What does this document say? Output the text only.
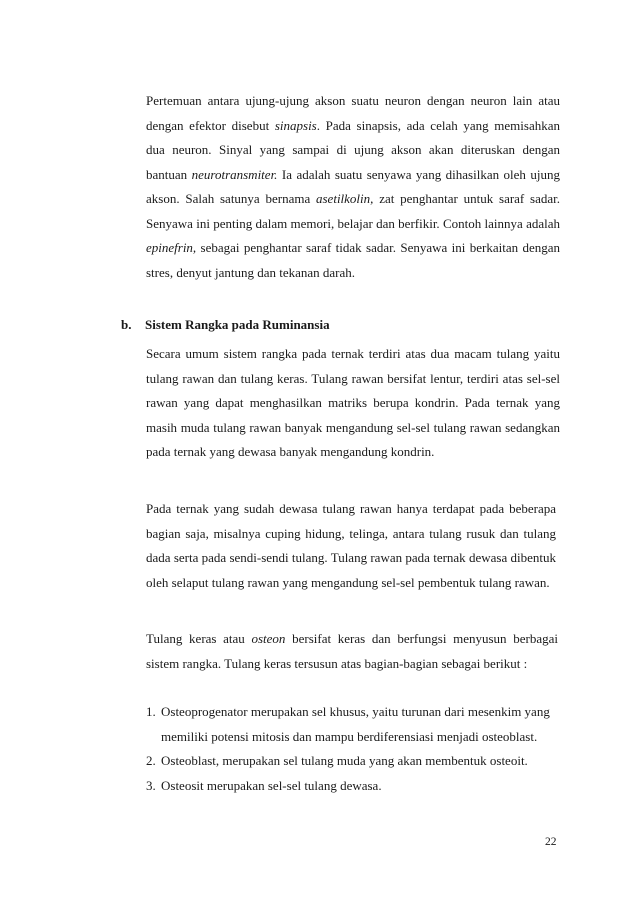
Pertemuan antara ujung-ujung akson suatu neuron dengan neuron lain atau dengan efektor disebut sinapsis. Pada sinapsis, ada celah yang memisahkan dua neuron. Sinyal yang sampai di ujung akson akan diteruskan dengan bantuan neurotransmiter. Ia adalah suatu senyawa yang dihasilkan oleh ujung akson. Salah satunya bernama asetilkolin, zat penghantar untuk saraf sadar. Senyawa ini penting dalam memori, belajar dan berfikir. Contoh lainnya adalah epinefrin, sebagai penghantar saraf tidak sadar. Senyawa ini berkaitan dengan stres, denyut jantung dan tekanan darah.

b. Sistem Rangka pada Ruminansia

Secara umum sistem rangka pada ternak terdiri atas dua macam tulang yaitu tulang rawan dan tulang keras. Tulang rawan bersifat lentur, terdiri atas sel-sel rawan yang dapat menghasilkan matriks berupa kondrin. Pada ternak yang masih muda tulang rawan banyak mengandung sel-sel tulang rawan sedangkan pada ternak yang dewasa banyak mengandung kondrin.

Pada ternak yang sudah dewasa tulang rawan hanya terdapat pada beberapa bagian saja, misalnya cuping hidung, telinga, antara tulang rusuk dan tulang dada serta pada sendi-sendi tulang. Tulang rawan pada ternak dewasa dibentuk oleh selaput tulang rawan yang mengandung sel-sel pembentuk tulang rawan.

Tulang keras atau osteon bersifat keras dan berfungsi menyusun berbagai sistem rangka. Tulang keras tersusun atas bagian-bagian sebagai berikut :

1. Osteoprogenator merupakan sel khusus, yaitu turunan dari mesenkim yang memiliki potensi mitosis dan mampu berdiferensiasi menjadi osteoblast.
2. Osteoblast, merupakan sel tulang muda yang akan membentuk osteoit.
3. Osteosit merupakan sel-sel tulang dewasa.

22
